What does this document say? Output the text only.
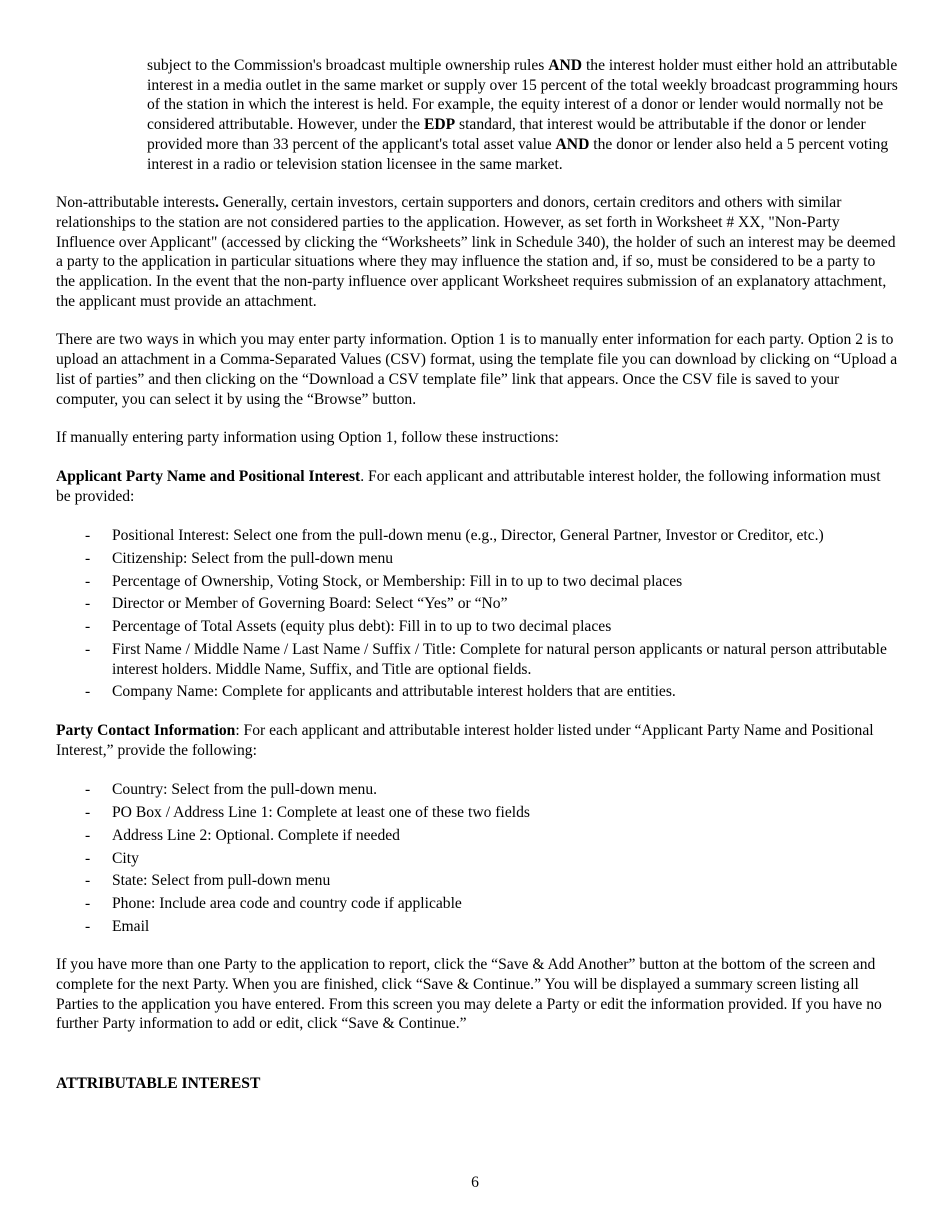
subject to the Commission's broadcast multiple ownership rules AND the interest holder must either hold an attributable interest in a media outlet in the same market or supply over 15 percent of the total weekly broadcast programming hours of the station in which the interest is held. For example, the equity interest of a donor or lender would normally not be considered attributable. However, under the EDP standard, that interest would be attributable if the donor or lender provided more than 33 percent of the applicant's total asset value AND the donor or lender also held a 5 percent voting interest in a radio or television station licensee in the same market.

Non-attributable interests. Generally, certain investors, certain supporters and donors, certain creditors and others with similar relationships to the station are not considered parties to the application. However, as set forth in Worksheet # XX, "Non-Party Influence over Applicant" (accessed by clicking the “Worksheets” link in Schedule 340), the holder of such an interest may be deemed a party to the application in particular situations where they may influence the station and, if so, must be considered to be a party to the application. In the event that the non-party influence over applicant Worksheet requires submission of an explanatory attachment, the applicant must provide an attachment.

There are two ways in which you may enter party information. Option 1 is to manually enter information for each party. Option 2 is to upload an attachment in a Comma-Separated Values (CSV) format, using the template file you can download by clicking on “Upload a list of parties” and then clicking on the “Download a CSV template file” link that appears. Once the CSV file is saved to your computer, you can select it by using the “Browse” button.

If manually entering party information using Option 1, follow these instructions:

Applicant Party Name and Positional Interest. For each applicant and attributable interest holder, the following information must be provided:

- Positional Interest: Select one from the pull-down menu (e.g., Director, General Partner, Investor or Creditor, etc.)
- Citizenship: Select from the pull-down menu
- Percentage of Ownership, Voting Stock, or Membership: Fill in to up to two decimal places
- Director or Member of Governing Board: Select “Yes” or “No”
- Percentage of Total Assets (equity plus debt): Fill in to up to two decimal places
- First Name / Middle Name / Last Name / Suffix / Title: Complete for natural person applicants or natural person attributable interest holders. Middle Name, Suffix, and Title are optional fields.
- Company Name: Complete for applicants and attributable interest holders that are entities.

Party Contact Information: For each applicant and attributable interest holder listed under “Applicant Party Name and Positional Interest,” provide the following:

- Country: Select from the pull-down menu.
- PO Box / Address Line 1: Complete at least one of these two fields
- Address Line 2: Optional. Complete if needed
- City
- State: Select from pull-down menu
- Phone: Include area code and country code if applicable
- Email

If you have more than one Party to the application to report, click the “Save & Add Another” button at the bottom of the screen and complete for the next Party. When you are finished, click “Save & Continue.” You will be displayed a summary screen listing all Parties to the application you have entered. From this screen you may delete a Party or edit the information provided. If you have no further Party information to add or edit, click “Save & Continue.”

ATTRIBUTABLE INTEREST

6
